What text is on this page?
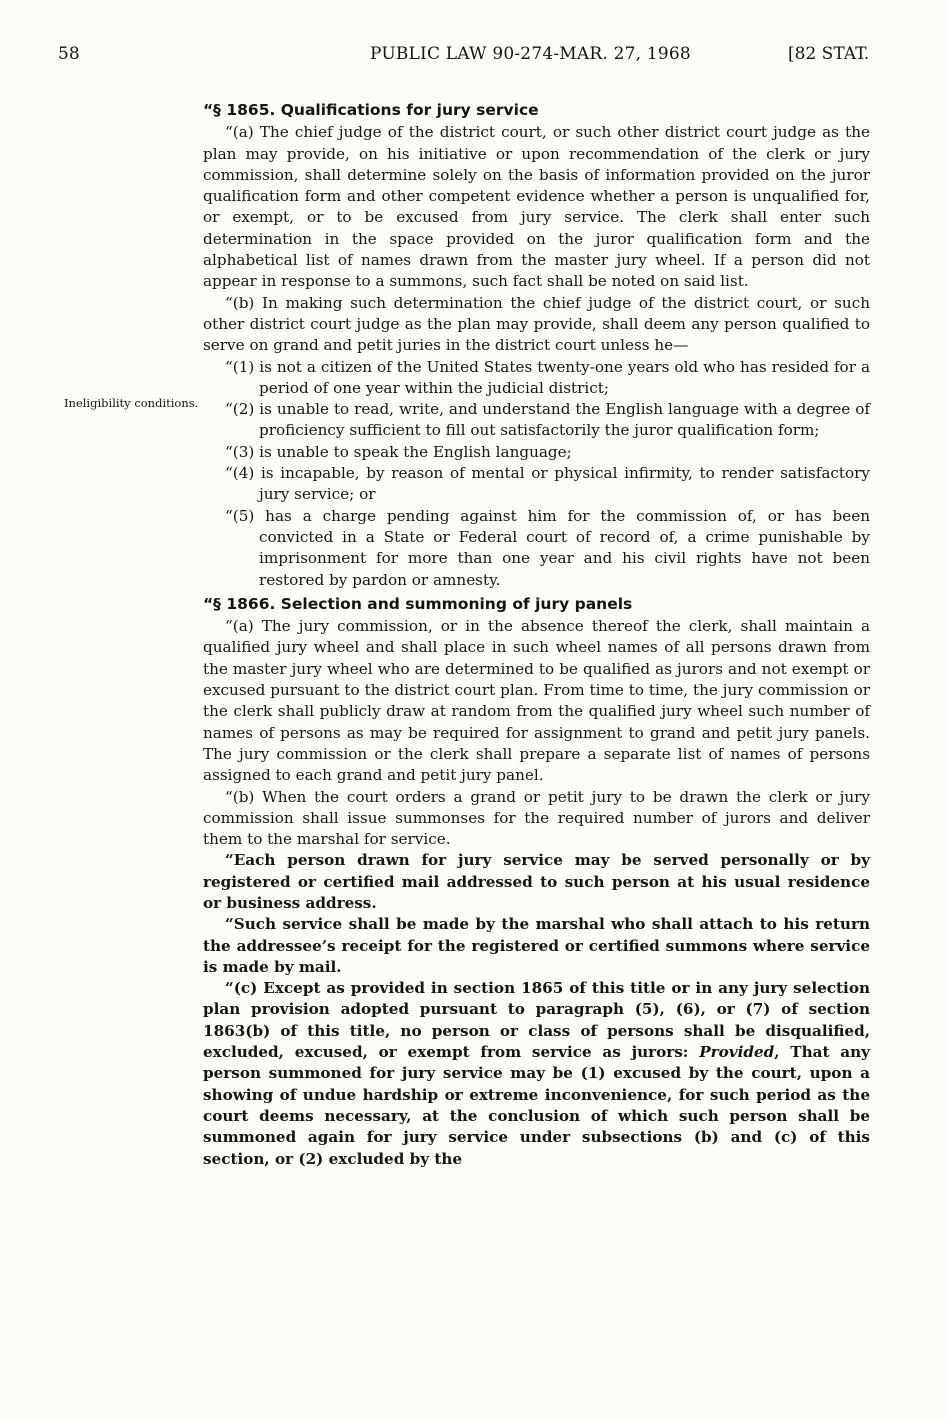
58	PUBLIC LAW 90-274-MAR. 27, 1968	[82 STAT.
Ineligibility conditions.
“§ 1865. Qualifications for jury service

“(a) The chief judge of the district court, or such other district court judge as the plan may provide, on his initiative or upon recommendation of the clerk or jury commission, shall determine solely on the basis of information provided on the juror qualification form and other competent evidence whether a person is unqualified for, or exempt, or to be excused from jury service. The clerk shall enter such determination in the space provided on the juror qualification form and the alphabetical list of names drawn from the master jury wheel. If a person did not appear in response to a summons, such fact shall be noted on said list.

“(b) In making such determination the chief judge of the district court, or such other district court judge as the plan may provide, shall deem any person qualified to serve on grand and petit juries in the district court unless he—

“(1) is not a citizen of the United States twenty-one years old who has resided for a period of one year within the judicial district;

“(2) is unable to read, write, and understand the English language with a degree of proficiency sufficient to fill out satisfactorily the juror qualification form;

“(3) is unable to speak the English language;

“(4) is incapable, by reason of mental or physical infirmity, to render satisfactory jury service; or

“(5) has a charge pending against him for the commission of, or has been convicted in a State or Federal court of record of, a crime punishable by imprisonment for more than one year and his civil rights have not been restored by pardon or amnesty.

“§ 1866. Selection and summoning of jury panels

“(a) The jury commission, or in the absence thereof the clerk, shall maintain a qualified jury wheel and shall place in such wheel names of all persons drawn from the master jury wheel who are determined to be qualified as jurors and not exempt or excused pursuant to the district court plan. From time to time, the jury commission or the clerk shall publicly draw at random from the qualified jury wheel such number of names of persons as may be required for assignment to grand and petit jury panels. The jury commission or the clerk shall prepare a separate list of names of persons assigned to each grand and petit jury panel.

“(b) When the court orders a grand or petit jury to be drawn the clerk or jury commission shall issue summonses for the required number of jurors and deliver them to the marshal for service.

“Each person drawn for jury service may be served personally or by registered or certified mail addressed to such person at his usual residence or business address.

“Such service shall be made by the marshal who shall attach to his return the addressee’s receipt for the registered or certified summons where service is made by mail.

“(c) Except as provided in section 1865 of this title or in any jury selection plan provision adopted pursuant to paragraph (5), (6), or (7) of section 1863(b) of this title, no person or class of persons shall be disqualified, excluded, excused, or exempt from service as jurors: Provided, That any person summoned for jury service may be (1) excused by the court, upon a showing of undue hardship or extreme inconvenience, for such period as the court deems necessary, at the conclusion of which such person shall be summoned again for jury service under subsections (b) and (c) of this section, or (2) excluded by the
